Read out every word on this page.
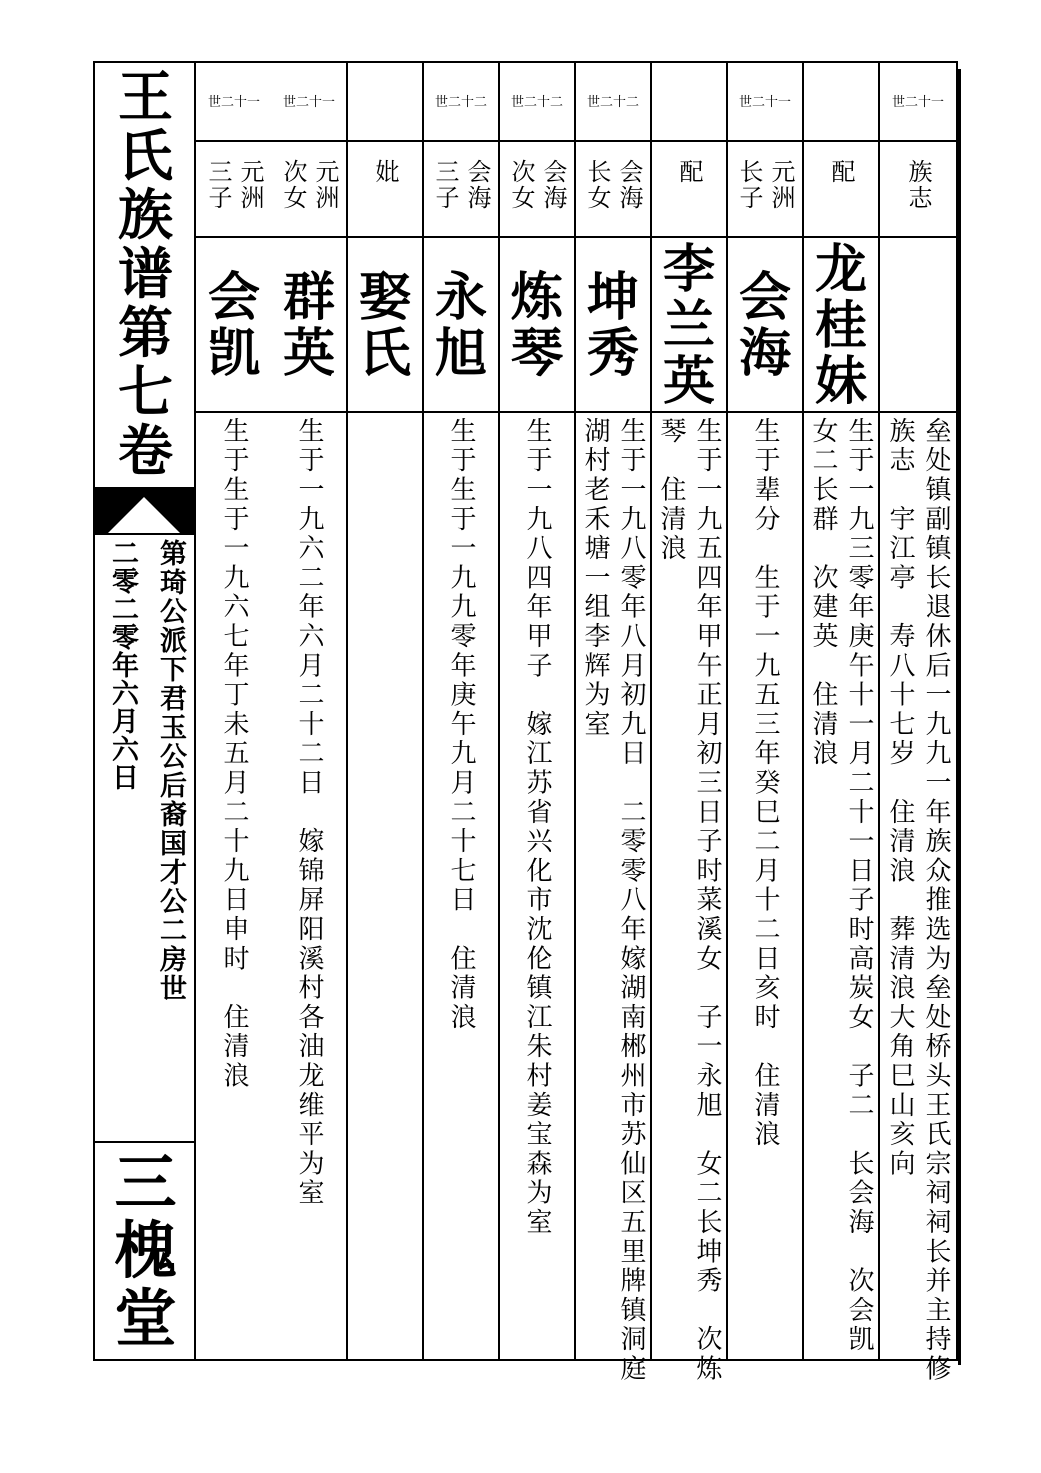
王
氏
族
谱
第
七
卷
第琦公派下君玉公后裔国才公二房世
二零二零年六月六日
三
槐
堂
世二十一
族志
垒处镇副镇长退休后一九九一年族众推选为垒处桥头王氏宗祠祠长并主持修
族志　宇江亭　寿八十七岁　住清浪　葬清浪大角巳山亥向
配
龙
桂
妹
生于一九三零年庚午十一月二十一日子时高炭女　子二　长会海　次会凯
女二长群　次建英　住清浪
世二十一
元洲
长子
会
海
生于辈分　生于一九五三年癸巳二月十二日亥时　住清浪
配
李
兰
英
生于一九五四年甲午正月初三日子时菜溪女　子一永旭　女二长坤秀　次炼
琴　住清浪
世二十二
会海
长女
坤
秀
生于一九八零年八月初九日　二零零八年嫁湖南郴州市苏仙区五里牌镇洞庭
湖村老禾塘一组李辉为室
世二十二
会海
次女
炼
琴
生于一九八四年甲子　嫁江苏省兴化市沈伦镇江朱村姜宝森为室
世二十二
会海
三子
永
旭
生于生于一九九零年庚午九月二十七日　住清浪
妣
娶
氏
世二十一
元洲
次女
群
英
生于一九六二年六月二十二日　嫁锦屏阳溪村各油龙维平为室
世二十一
元洲
三子
会
凯
生于生于一九六七年丁未五月二十九日申时　住清浪
